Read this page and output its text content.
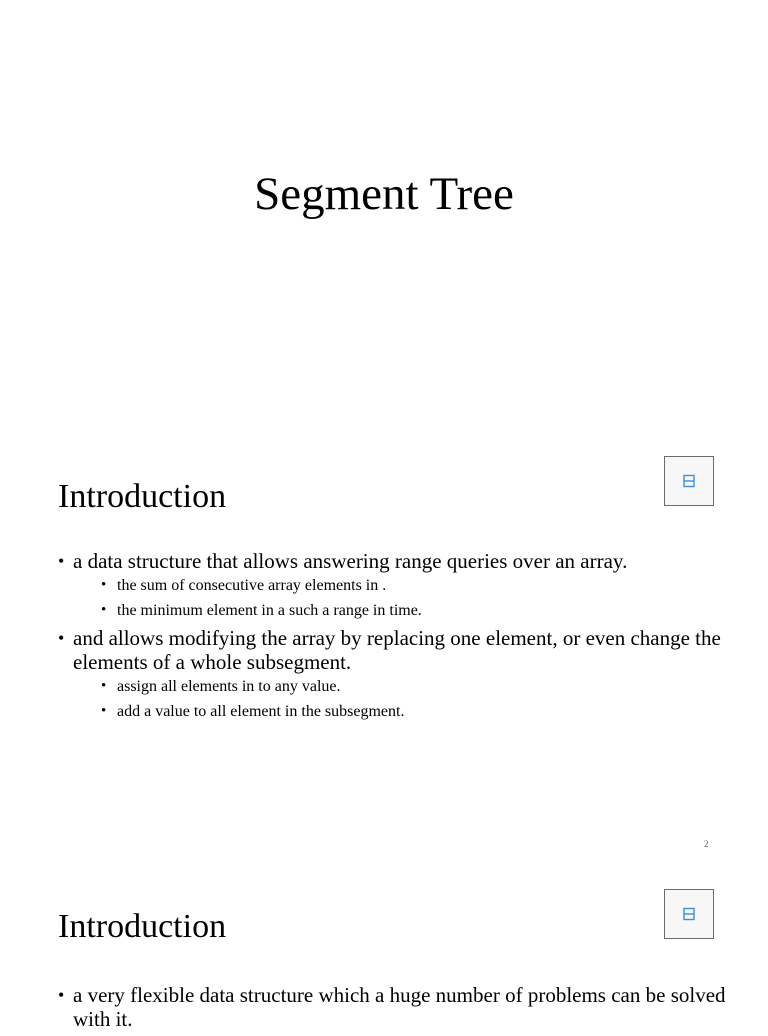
Segment Tree
Introduction
• a data structure that allows answering range queries over an array.
• the sum of consecutive array elements in .
• the minimum element in a such a range in time.
• and allows modifying the array by replacing one element, or even change the elements of a whole subsegment.
• assign all elements in to any value.
• add a value to all element in the subsegment.
2
Introduction
• a very flexible data structure which a huge number of problems can be solved with it.
